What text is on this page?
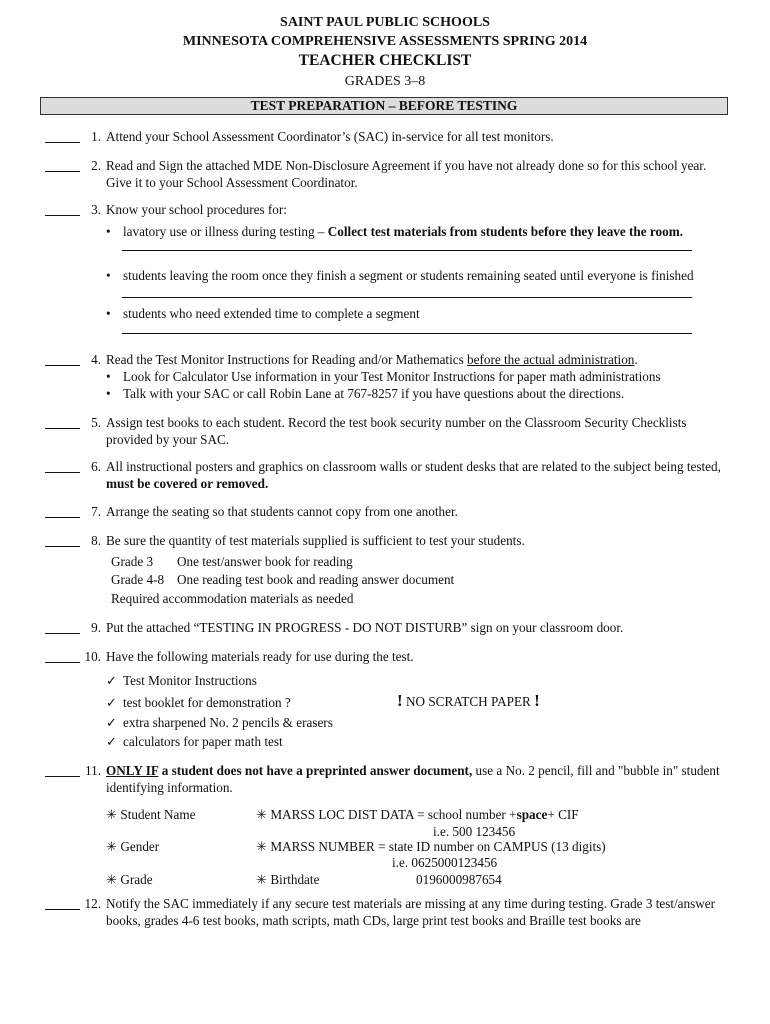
SAINT PAUL PUBLIC SCHOOLS
MINNESOTA COMPREHENSIVE ASSESSMENTS SPRING 2014
TEACHER CHECKLIST
GRADES 3–8
TEST PREPARATION – BEFORE TESTING
1. Attend your School Assessment Coordinator’s (SAC) in-service for all test monitors.
2. Read and Sign the attached MDE Non-Disclosure Agreement if you have not already done so for this school year. Give it to your School Assessment Coordinator.
3. Know your school procedures for:
• lavatory use or illness during testing – Collect test materials from students before they leave the room.
• students leaving the room once they finish a segment or students remaining seated until everyone is finished
• students who need extended time to complete a segment
4. Read the Test Monitor Instructions for Reading and/or Mathematics before the actual administration.
• Look for Calculator Use information in your Test Monitor Instructions for paper math administrations
• Talk with your SAC or call Robin Lane at 767-8257 if you have questions about the directions.
5. Assign test books to each student. Record the test book security number on the Classroom Security Checklists provided by your SAC.
6. All instructional posters and graphics on classroom walls or student desks that are related to the subject being tested, must be covered or removed.
7. Arrange the seating so that students cannot copy from one another.
8. Be sure the quantity of test materials supplied is sufficient to test your students.
Grade 3 One test/answer book for reading
Grade 4-8 One reading test book and reading answer document
Required accommodation materials as needed
9. Put the attached “TESTING IN PROGRESS - DO NOT DISTURB” sign on your classroom door.
10. Have the following materials ready for use during the test.
✓ Test Monitor Instructions
✓ test booklet for demonstration ?	! NO SCRATCH PAPER !
✓ extra sharpened No. 2 pencils & erasers
✓ calculators for paper math test
11. ONLY IF a student does not have a preprinted answer document, use a No. 2 pencil, fill and "bubble in" student identifying information.
✳ Student Name
✳ Gender
✳ Grade
✳ MARSS LOC DIST DATA = school number +space+ CIF
i.e. 500 123456
✳ MARSS NUMBER = state ID number on CAMPUS (13 digits)
i.e. 0625000123456
✳ Birthdate	0196000987654
12. Notify the SAC immediately if any secure test materials are missing at any time during testing. Grade 3 test/answer books, grades 4-6 test books, math scripts, math CDs, large print test books and Braille test books are
